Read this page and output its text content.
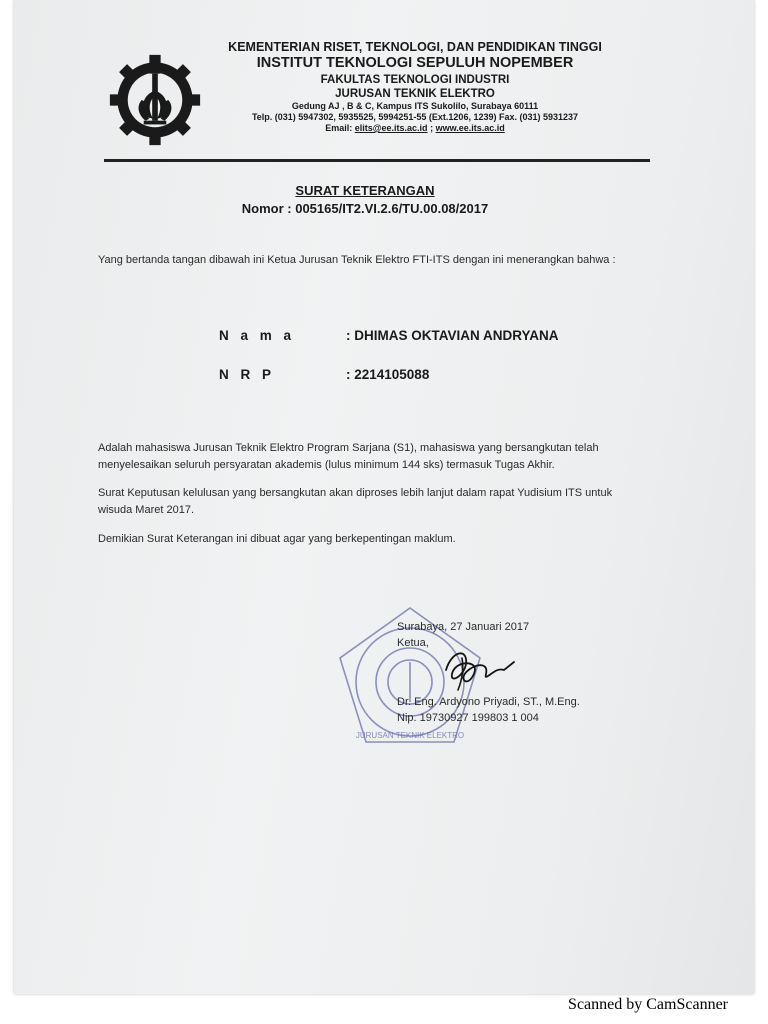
KEMENTERIAN RISET, TEKNOLOGI, DAN PENDIDIKAN TINGGI
INSTITUT TEKNOLOGI SEPULUH NOPEMBER
FAKULTAS TEKNOLOGI INDUSTRI
JURUSAN TEKNIK ELEKTRO
Gedung AJ , B & C, Kampus ITS Sukolilo, Surabaya 60111
Telp. (031) 5947302, 5935525, 5994251-55 (Ext.1206, 1239) Fax. (031) 5931237
Email: elits@ee.its.ac.id ; www.ee.its.ac.id
SURAT KETERANGAN
Nomor : 005165/IT2.VI.2.6/TU.00.08/2017
Yang bertanda tangan dibawah ini Ketua Jurusan Teknik Elektro FTI-ITS dengan ini menerangkan bahwa :
N a m a	: DHIMAS OKTAVIAN ANDRYANA
N R P	: 2214105088
Adalah mahasiswa Jurusan Teknik Elektro Program Sarjana (S1), mahasiswa yang bersangkutan telah menyelesaikan seluruh persyaratan akademis (lulus minimum 144 sks) termasuk Tugas Akhir.
Surat Keputusan kelulusan yang bersangkutan akan diproses lebih lanjut dalam rapat Yudisium ITS untuk wisuda Maret 2017.
Demikian Surat Keterangan ini dibuat agar yang berkepentingan maklum.
JURUSAN TEKNIK ELEKTRO
Surabaya, 27 Januari 2017
Ketua,
Dr. Eng. Ardyono Priyadi, ST., M.Eng.
Nip. 19730927 199803 1 004
Scanned by CamScanner
